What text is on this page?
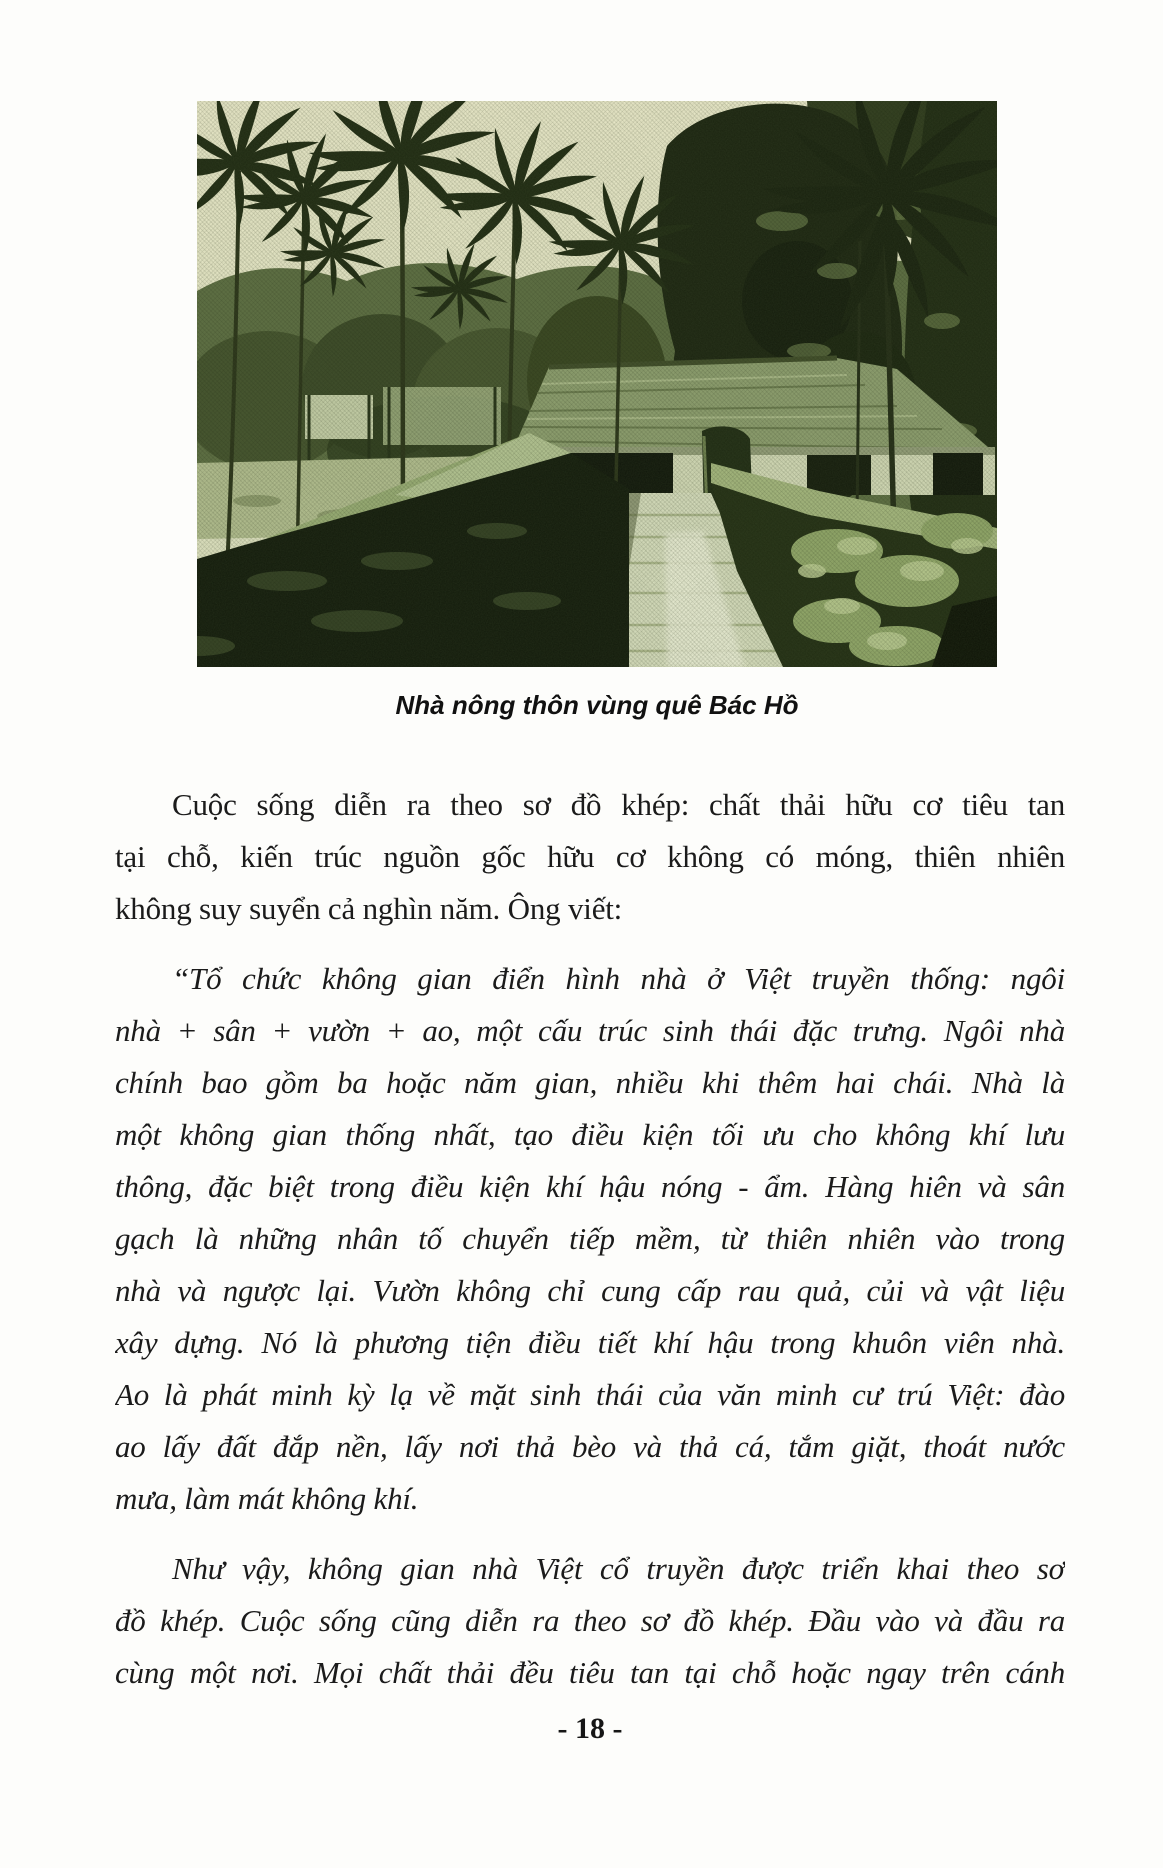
Nhà nông thôn vùng quê Bác Hồ
Cuộc sống diễn ra theo sơ đồ khép: chất thải hữu cơ tiêu tan
tại chỗ, kiến trúc nguồn gốc hữu cơ không có móng, thiên nhiên
không suy suyển cả nghìn năm. Ông viết:
“Tổ chức không gian điển hình nhà ở Việt truyền thống: ngôi
nhà + sân + vườn + ao, một cấu trúc sinh thái đặc trưng. Ngôi nhà
chính bao gồm ba hoặc năm gian, nhiều khi thêm hai chái. Nhà là
một không gian thống nhất, tạo điều kiện tối ưu cho không khí lưu
thông, đặc biệt trong điều kiện khí hậu nóng - ẩm. Hàng hiên và sân
gạch là những nhân tố chuyển tiếp mềm, từ thiên nhiên vào trong
nhà và ngược lại. Vườn không chỉ cung cấp rau quả, củi và vật liệu
xây dựng. Nó là phương tiện điều tiết khí hậu trong khuôn viên nhà.
Ao là phát minh kỳ lạ về mặt sinh thái của văn minh cư trú Việt: đào
ao lấy đất đắp nền, lấy nơi thả bèo và thả cá, tắm giặt, thoát nước
mưa, làm mát không khí.
Như vậy, không gian nhà Việt cổ truyền được triển khai theo sơ
đồ khép. Cuộc sống cũng diễn ra theo sơ đồ khép. Đầu vào và đầu ra
cùng một nơi. Mọi chất thải đều tiêu tan tại chỗ hoặc ngay trên cánh
- 18 -
